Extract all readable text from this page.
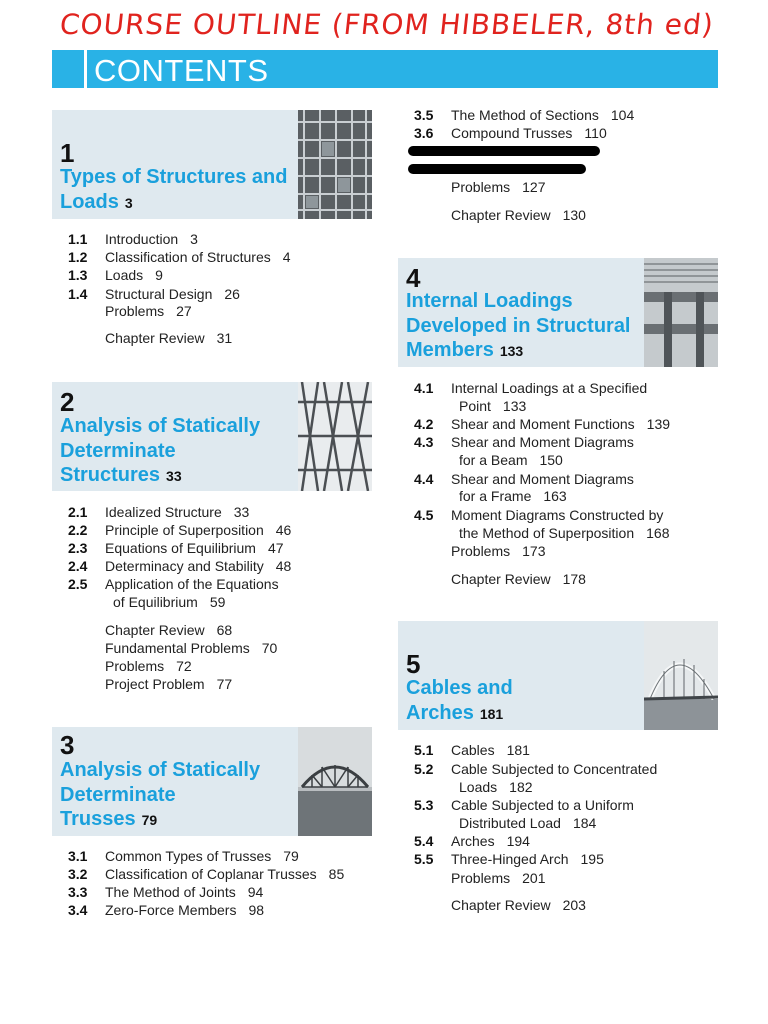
COURSE OUTLINE (FROM HIBBELER, 8th ed)
CONTENTS
1
Types of Structures and
Loads 3
1.1 Introduction 3
1.2 Classification of Structures 4
1.3 Loads 9
1.4 Structural Design 26
Problems 27
Chapter Review 31
2
Analysis of Statically
Determinate
Structures 33
2.1 Idealized Structure 33
2.2 Principle of Superposition 46
2.3 Equations of Equilibrium 47
2.4 Determinacy and Stability 48
2.5 Application of the Equations
of Equilibrium 59
Chapter Review 68
Fundamental Problems 70
Problems 72
Project Problem 77
3
Analysis of Statically
Determinate
Trusses 79
3.1 Common Types of Trusses 79
3.2 Classification of Coplanar Trusses 85
3.3 The Method of Joints 94
3.4 Zero-Force Members 98
3.5 The Method of Sections 104
3.6 Compound Trusses 110
Problems 127
Chapter Review 130
4
Internal Loadings
Developed in Structural
Members 133
4.1 Internal Loadings at a Specified
Point 133
4.2 Shear and Moment Functions 139
4.3 Shear and Moment Diagrams
for a Beam 150
4.4 Shear and Moment Diagrams
for a Frame 163
4.5 Moment Diagrams Constructed by
the Method of Superposition 168
Problems 173
Chapter Review 178
5
Cables and
Arches 181
5.1 Cables 181
5.2 Cable Subjected to Concentrated
Loads 182
5.3 Cable Subjected to a Uniform
Distributed Load 184
5.4 Arches 194
5.5 Three-Hinged Arch 195
Problems 201
Chapter Review 203
